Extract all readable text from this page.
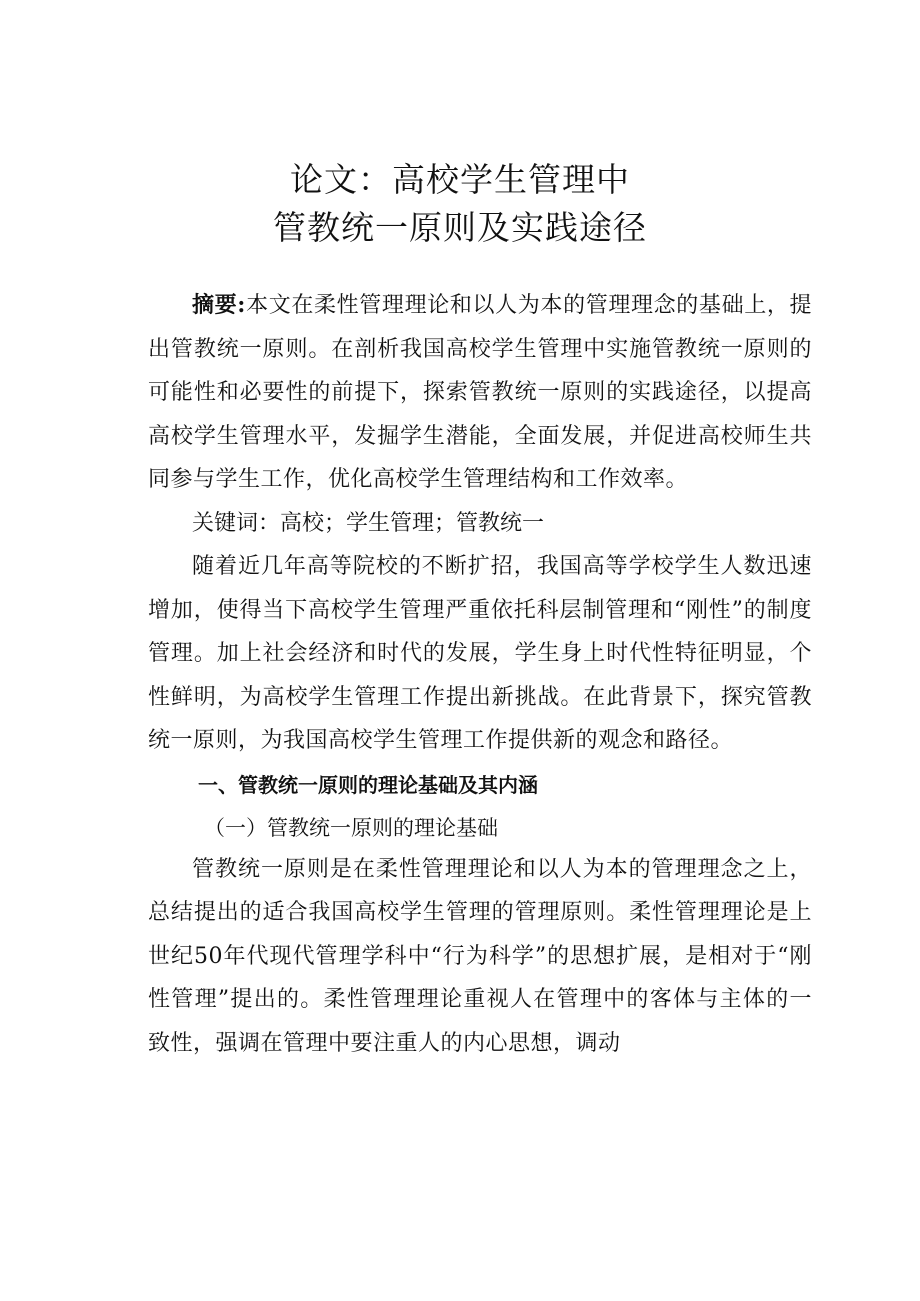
论文：高校学生管理中
管教统一原则及实践途径

摘要:本文在柔性管理理论和以人为本的管理理念的基础上，提出管教统一原则。在剖析我国高校学生管理中实施管教统一原则的可能性和必要性的前提下，探索管教统一原则的实践途径，以提高高校学生管理水平，发掘学生潜能，全面发展，并促进高校师生共同参与学生工作，优化高校学生管理结构和工作效率。

关键词：高校；学生管理；管教统一

随着近几年高等院校的不断扩招，我国高等学校学生人数迅速增加，使得当下高校学生管理严重依托科层制管理和“刚性”的制度管理。加上社会经济和时代的发展，学生身上时代性特征明显，个性鲜明，为高校学生管理工作提出新挑战。在此背景下，探究管教统一原则，为我国高校学生管理工作提供新的观念和路径。

一、管教统一原则的理论基础及其内涵
（一）管教统一原则的理论基础

管教统一原则是在柔性管理理论和以人为本的管理理念之上，总结提出的适合我国高校学生管理的管理原则。柔性管理理论是上世纪50年代现代管理学科中“行为科学”的思想扩展，是相对于“刚性管理”提出的。柔性管理理论重视人在管理中的客体与主体的一致性，强调在管理中要注重人的内心思想，调动
